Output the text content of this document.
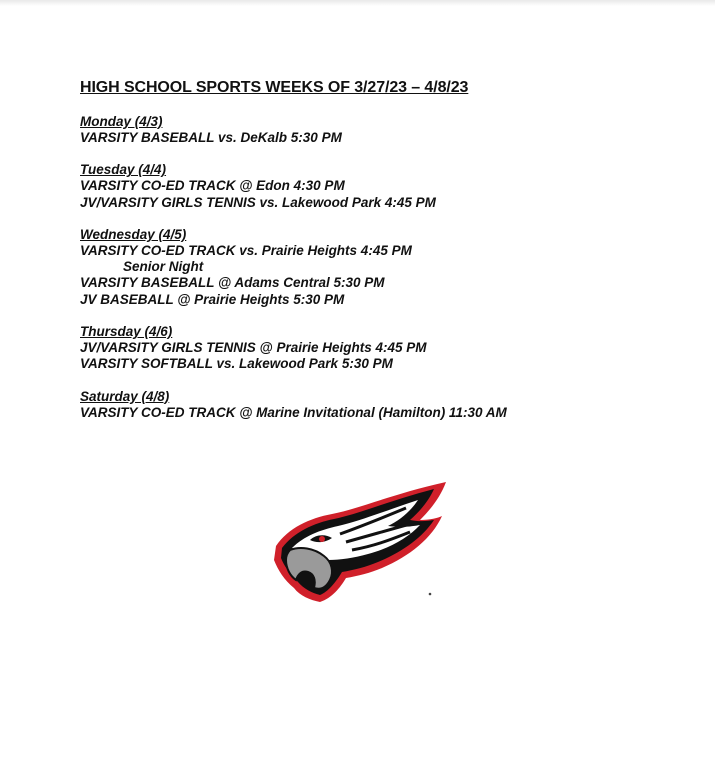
HIGH SCHOOL SPORTS WEEKS OF 3/27/23 – 4/8/23
Monday (4/3)
VARSITY BASEBALL vs. DeKalb 5:30 PM
Tuesday (4/4)
VARSITY CO-ED TRACK @ Edon 4:30 PM
JV/VARSITY GIRLS TENNIS vs. Lakewood Park 4:45 PM
Wednesday (4/5)
VARSITY CO-ED TRACK vs. Prairie Heights 4:45 PM
Senior Night
VARSITY BASEBALL @ Adams Central 5:30 PM
JV BASEBALL @ Prairie Heights 5:30 PM
Thursday (4/6)
JV/VARSITY GIRLS TENNIS @ Prairie Heights 4:45 PM
VARSITY SOFTBALL vs. Lakewood Park 5:30 PM
Saturday (4/8)
VARSITY CO-ED TRACK @ Marine Invitational (Hamilton) 11:30 AM
